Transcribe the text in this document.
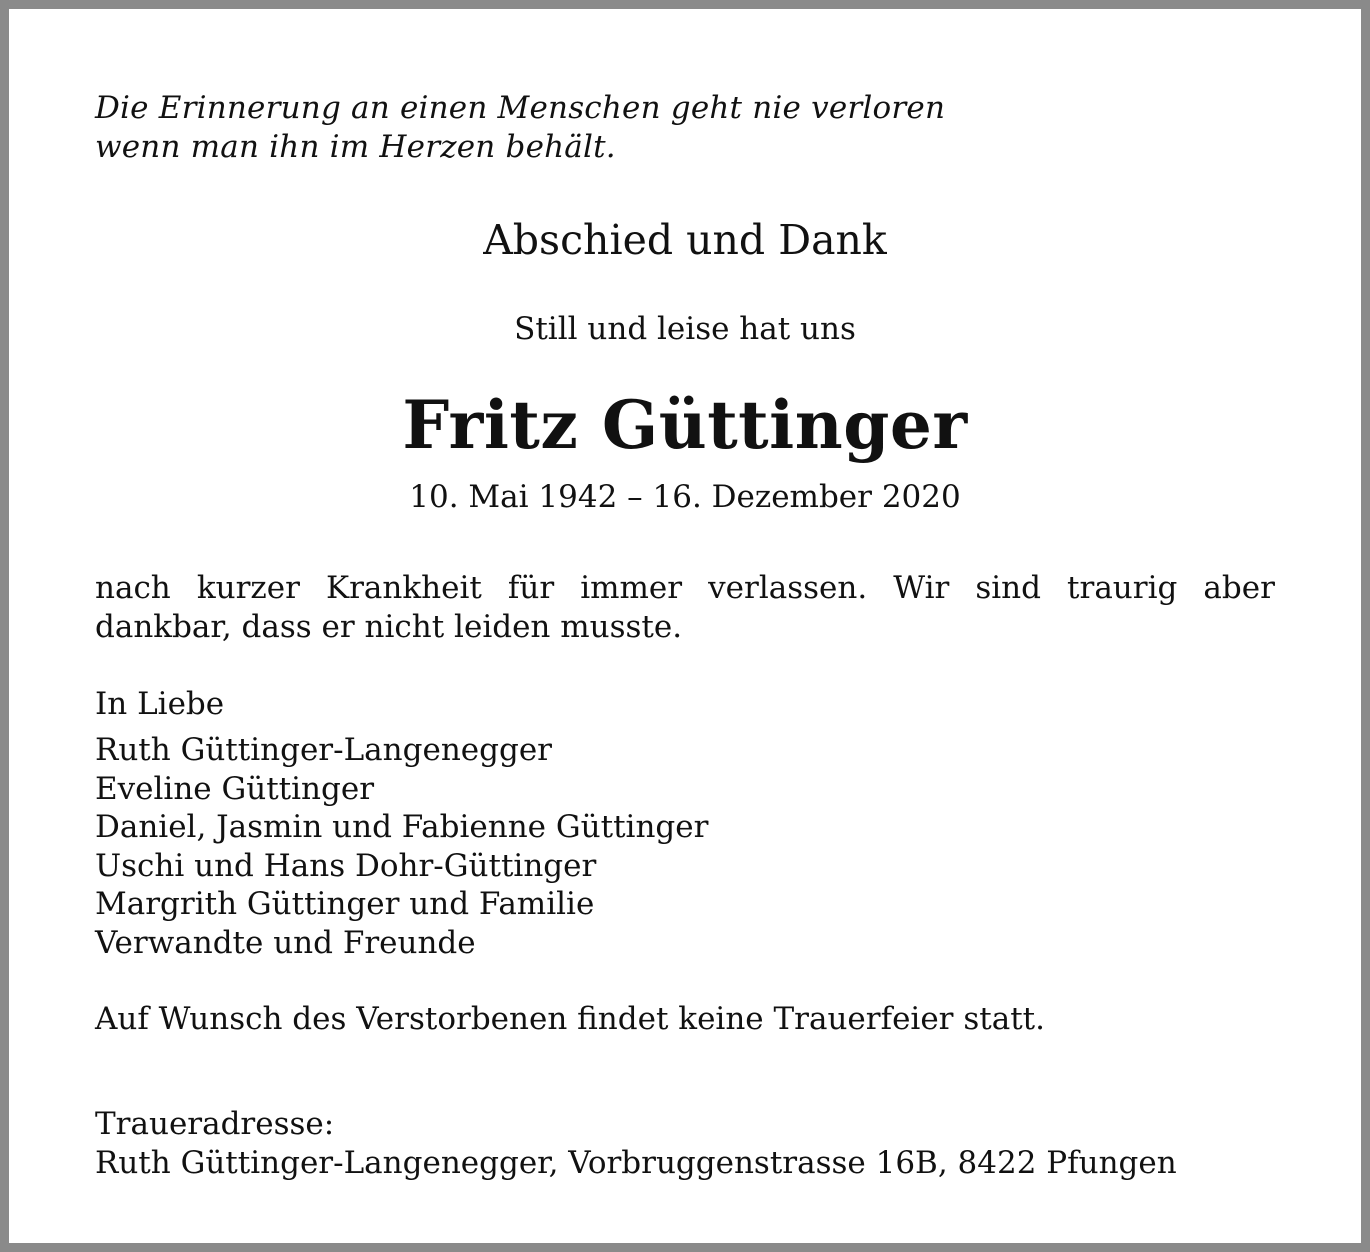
Die Erinnerung an einen Menschen geht nie verloren
wenn man ihn im Herzen behält.
Abschied und Dank
Still und leise hat uns
Fritz Güttinger
10. Mai 1942 – 16. Dezember 2020
nach kurzer Krankheit für immer verlassen. Wir sind traurig aber
dankbar, dass er nicht leiden musste.
In Liebe
Ruth Güttinger-Langenegger
Eveline Güttinger
Daniel, Jasmin und Fabienne Güttinger
Uschi und Hans Dohr-Güttinger
Margrith Güttinger und Familie
Verwandte und Freunde
Auf Wunsch des Verstorbenen findet keine Trauerfeier statt.
Traueradresse:
Ruth Güttinger-Langenegger, Vorbruggenstrasse 16B, 8422 Pfungen
